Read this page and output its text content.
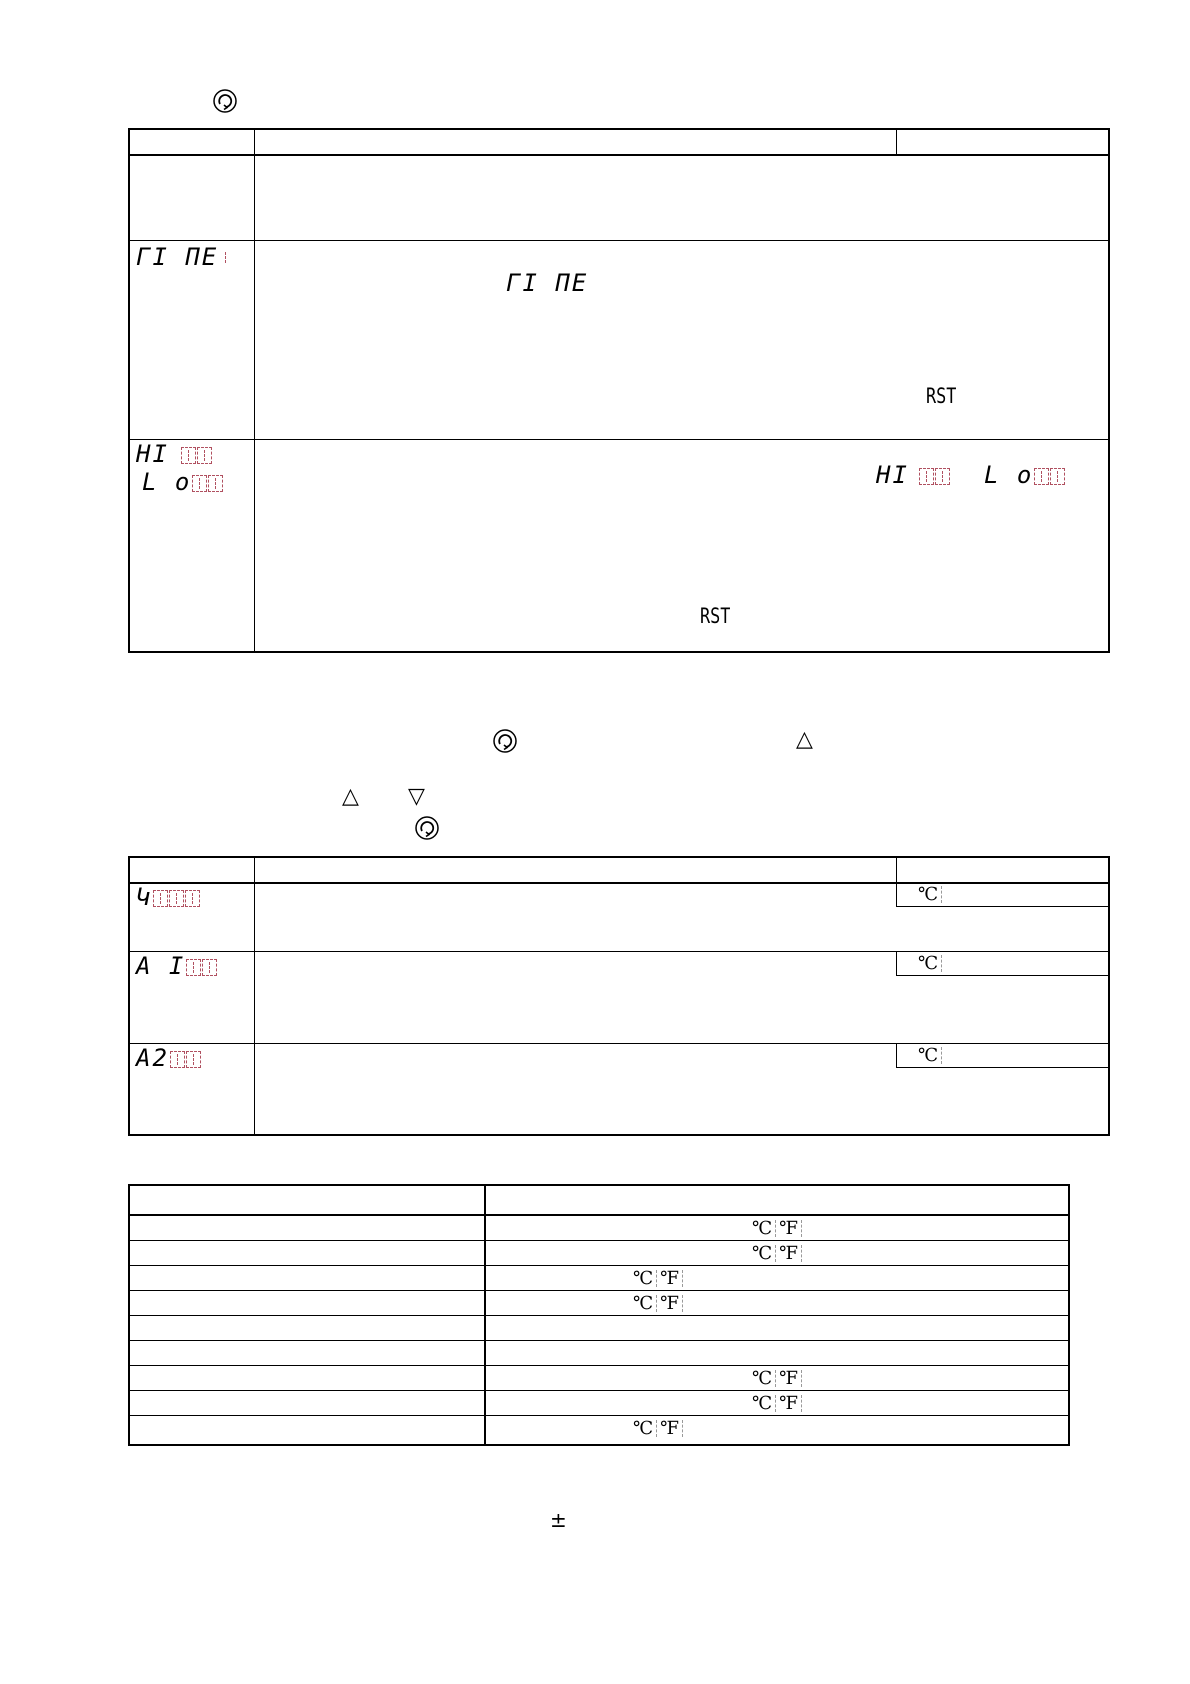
ΓΙ ΠΕ
ΓΙ ΠΕ
RST
ΗΙ
L o	ΗΙ	L o
RST
△
△ ▽
Կ
Α Ι
Α2
℃
℃
℃
℃ ℉
℃ ℉
℃ ℉
℃ ℉
℃ ℉
℃ ℉
℃ ℉
±
